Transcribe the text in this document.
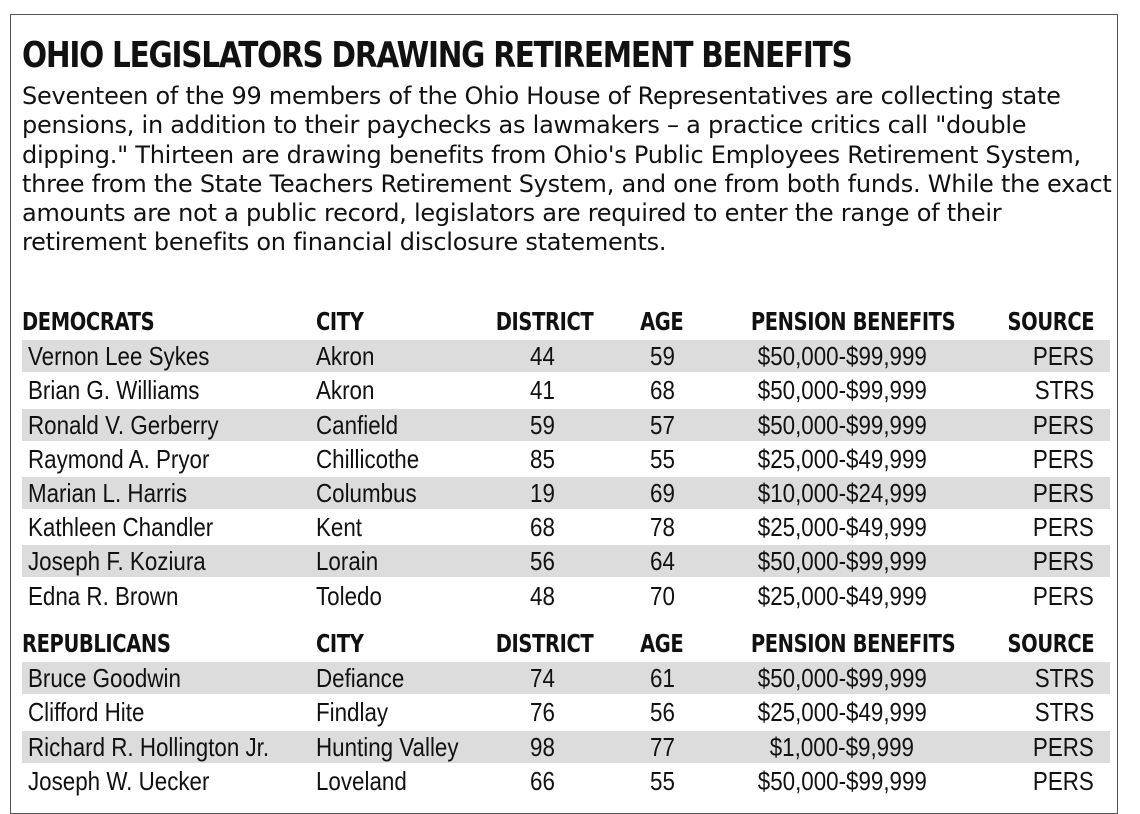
OHIO LEGISLATORS DRAWING RETIREMENT BENEFITS

Seventeen of the 99 members of the Ohio House of Representatives are collecting state pensions, in addition to their paychecks as lawmakers – a practice critics call "double dipping." Thirteen are drawing benefits from Ohio's Public Employees Retirement System, three from the State Teachers Retirement System, and one from both funds. While the exact amounts are not a public record, legislators are required to enter the range of their retirement benefits on financial disclosure statements.

DEMOCRATS	CITY	DISTRICT	AGE	PENSION BENEFITS	SOURCE
Vernon Lee Sykes	Akron	44	59	$50,000-$99,999	PERS
Brian G. Williams	Akron	41	68	$50,000-$99,999	STRS
Ronald V. Gerberry	Canfield	59	57	$50,000-$99,999	PERS
Raymond A. Pryor	Chillicothe	85	55	$25,000-$49,999	PERS
Marian L. Harris	Columbus	19	69	$10,000-$24,999	PERS
Kathleen Chandler	Kent	68	78	$25,000-$49,999	PERS
Joseph F. Koziura	Lorain	56	64	$50,000-$99,999	PERS
Edna R. Brown	Toledo	48	70	$25,000-$49,999	PERS
REPUBLICANS	CITY	DISTRICT	AGE	PENSION BENEFITS	SOURCE
Bruce Goodwin	Defiance	74	61	$50,000-$99,999	STRS
Clifford Hite	Findlay	76	56	$25,000-$49,999	STRS
Richard R. Hollington Jr.	Hunting Valley	98	77	$1,000-$9,999	PERS
Joseph W. Uecker	Loveland	66	55	$50,000-$99,999	PERS
